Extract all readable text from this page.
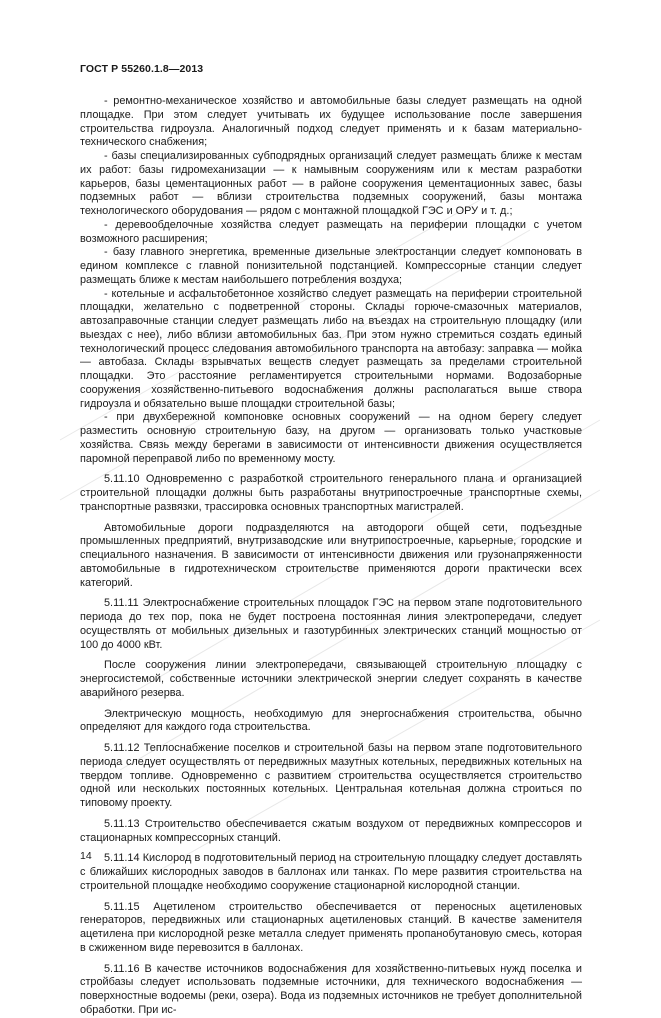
ГОСТ Р 55260.1.8—2013

- ремонтно-механическое хозяйство и автомобильные базы следует размещать на одной площадке. При этом следует учитывать их будущее использование после завершения строительства гидроузла. Аналогичный подход следует применять и к базам материально-технического снабжения;

- базы специализированных субподрядных организаций следует размещать ближе к местам их работ: базы гидромеханизации — к намывным сооружениям или к местам разработки карьеров, базы цементационных работ — в районе сооружения цементационных завес, базы подземных работ — вблизи строительства подземных сооружений, базы монтажа технологического оборудования — рядом с монтажной площадкой ГЭС и ОРУ и т. д.;

- деревообделочные хозяйства следует размещать на периферии площадки с учетом возможного расширения;

- базу главного энергетика, временные дизельные электростанции следует компоновать в едином комплексе с главной понизительной подстанцией. Компрессорные станции следует размещать ближе к местам наибольшего потребления воздуха;

- котельные и асфальтобетонное хозяйство следует размещать на периферии строительной площадки, желательно с подветренной стороны. Склады горюче-смазочных материалов, автозаправочные станции следует размещать либо на въездах на строительную площадку (или выездах с нее), либо вблизи автомобильных баз. При этом нужно стремиться создать единый технологический процесс следования автомобильного транспорта на автобазу: заправка — мойка — автобаза. Склады взрывчатых веществ следует размещать за пределами строительной площадки. Это расстояние регламентируется строительными нормами. Водозаборные сооружения хозяйственно-питьевого водоснабжения должны располагаться выше створа гидроузла и обязательно выше площадки строительной базы;

- при двухбережной компоновке основных сооружений — на одном берегу следует разместить основную строительную базу, на другом — организовать только участковые хозяйства. Связь между берегами в зависимости от интенсивности движения осуществляется паромной переправой либо по временному мосту.

5.11.10 Одновременно с разработкой строительного генерального плана и организацией строительной площадки должны быть разработаны внутрипостроечные транспортные схемы, транспортные развязки, трассировка основных транспортных магистралей.

Автомобильные дороги подразделяются на автодороги общей сети, подъездные промышленных предприятий, внутризаводские или внутрипостроечные, карьерные, городские и специального назначения. В зависимости от интенсивности движения или грузонапряженности автомобильные в гидротехническом строительстве применяются дороги практически всех категорий.

5.11.11 Электроснабжение строительных площадок ГЭС на первом этапе подготовительного периода до тех пор, пока не будет построена постоянная линия электропередачи, следует осуществлять от мобильных дизельных и газотурбинных электрических станций мощностью от 100 до 4000 кВт.

После сооружения линии электропередачи, связывающей строительную площадку с энергосистемой, собственные источники электрической энергии следует сохранять в качестве аварийного резерва.

Электрическую мощность, необходимую для энергоснабжения строительства, обычно определяют для каждого года строительства.

5.11.12 Теплоснабжение поселков и строительной базы на первом этапе подготовительного периода следует осуществлять от передвижных мазутных котельных, передвижных котельных на твердом топливе. Одновременно с развитием строительства осуществляется строительство одной или нескольких постоянных котельных. Центральная котельная должна строиться по типовому проекту.

5.11.13 Строительство обеспечивается сжатым воздухом от передвижных компрессоров и стационарных компрессорных станций.

5.11.14 Кислород в подготовительный период на строительную площадку следует доставлять с ближайших кислородных заводов в баллонах или танках. По мере развития строительства на строительной площадке необходимо сооружение стационарной кислородной станции.

5.11.15 Ацетиленом строительство обеспечивается от переносных ацетиленовых генераторов, передвижных или стационарных ацетиленовых станций. В качестве заменителя ацетилена при кислородной резке металла следует применять пропанобутановую смесь, которая в сжиженном виде перевозится в баллонах.

5.11.16 В качестве источников водоснабжения для хозяйственно-питьевых нужд поселка и стройбазы следует использовать подземные источники, для технического водоснабжения — поверхностные водоемы (реки, озера). Вода из подземных источников не требует дополнительной обработки. При ис-

14
